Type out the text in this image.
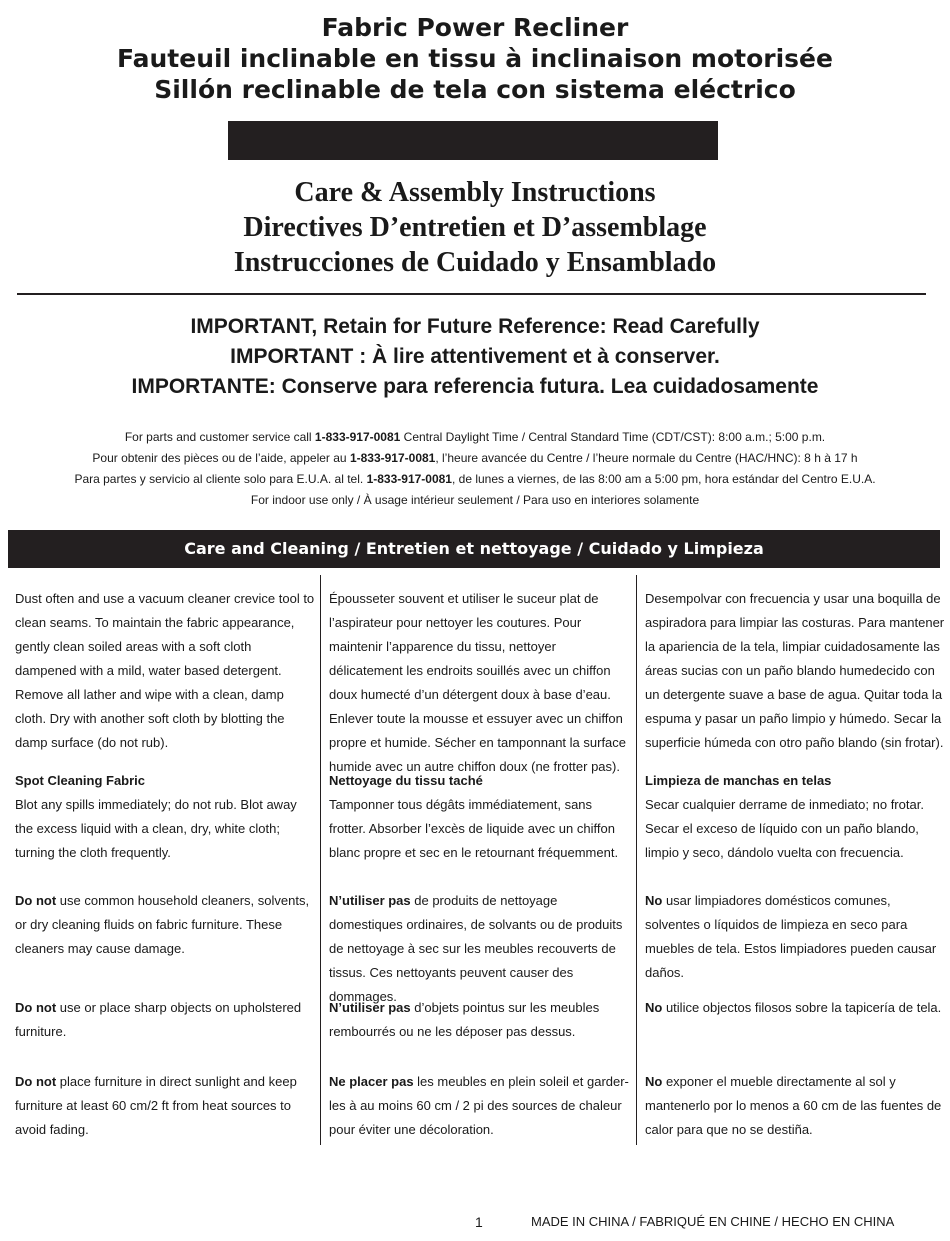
Fabric Power Recliner
Fauteuil inclinable en tissu à inclinaison motorisée
Sillón reclinable de tela con sistema eléctrico
Care & Assembly Instructions
Directives D’entretien et D’assemblage
Instrucciones de Cuidado y Ensamblado
IMPORTANT, Retain for Future Reference: Read Carefully
IMPORTANT : À lire attentivement et à conserver.
IMPORTANTE: Conserve para referencia futura. Lea cuidadosamente
For parts and customer service call 1-833-917-0081 Central Daylight Time / Central Standard Time (CDT/CST): 8:00 a.m.; 5:00 p.m.
Pour obtenir des pièces ou de l’aide, appeler au 1-833-917-0081, l’heure avancée du Centre / l’heure normale du Centre (HAC/HNC): 8 h à 17 h
Para partes y servicio al cliente solo para E.U.A. al tel. 1-833-917-0081, de lunes a viernes, de las 8:00 am a 5:00 pm, hora estándar del Centro E.U.A.
For indoor use only / À usage intérieur seulement / Para uso en interiores solamente
Care and Cleaning / Entretien et nettoyage / Cuidado y Limpieza
Dust often and use a vacuum cleaner crevice tool to clean seams. To maintain the fabric appearance, gently clean soiled areas with a soft cloth dampened with a mild, water based detergent. Remove all lather and wipe with a clean, damp cloth. Dry with another soft cloth by blotting the damp surface (do not rub).
Spot Cleaning Fabric
Blot any spills immediately; do not rub. Blot away the excess liquid with a clean, dry, white cloth; turning the cloth frequently.
Do not use common household cleaners, solvents, or dry cleaning fluids on fabric furniture. These cleaners may cause damage.
Do not use or place sharp objects on upholstered furniture.
Do not place furniture in direct sunlight and keep furniture at least 60 cm/2 ft from heat sources to avoid fading.
Épousseter souvent et utiliser le suceur plat de l’aspirateur pour nettoyer les coutures. Pour maintenir l’apparence du tissu, nettoyer délicatement les endroits souillés avec un chiffon doux humecté d’un détergent doux à base d’eau. Enlever toute la mousse et essuyer avec un chiffon propre et humide. Sécher en tamponnant la surface humide avec un autre chiffon doux (ne frotter pas).
Nettoyage du tissu taché
Tamponner tous dégâts immédiatement, sans frotter. Absorber l’excès de liquide avec un chiffon blanc propre et sec en le retournant fréquemment.
N’utiliser pas de produits de nettoyage domestiques ordinaires, de solvants ou de produits de nettoyage à sec sur les meubles recouverts de tissus. Ces nettoyants peuvent causer des dommages.
N’utiliser pas d’objets pointus sur les meubles rembourrés ou ne les déposer pas dessus.
Ne placer pas les meubles en plein soleil et garder-les à au moins 60 cm / 2 pi des sources de chaleur pour éviter une décoloration.
Desempolvar con frecuencia y usar una boquilla de aspiradora para limpiar las costuras. Para mantener la apariencia de la tela, limpiar cuidadosamente las áreas sucias con un paño blando humedecido con un detergente suave a base de agua. Quitar toda la espuma y pasar un paño limpio y húmedo. Secar la superficie húmeda con otro paño blando (sin frotar).
Limpieza de manchas en telas
Secar cualquier derrame de inmediato; no frotar. Secar el exceso de líquido con un paño blando, limpio y seco, dándolo vuelta con frecuencia.
No usar limpiadores domésticos comunes, solventes o líquidos de limpieza en seco para muebles de tela. Estos limpiadores pueden causar daños.
No utilice objectos filosos sobre la tapicería de tela.
No exponer el mueble directamente al sol y mantenerlo por lo menos a 60 cm de las fuentes de calor para que no se destiña.
1	MADE IN CHINA / FABRIQUÉ EN CHINE / HECHO EN CHINA
